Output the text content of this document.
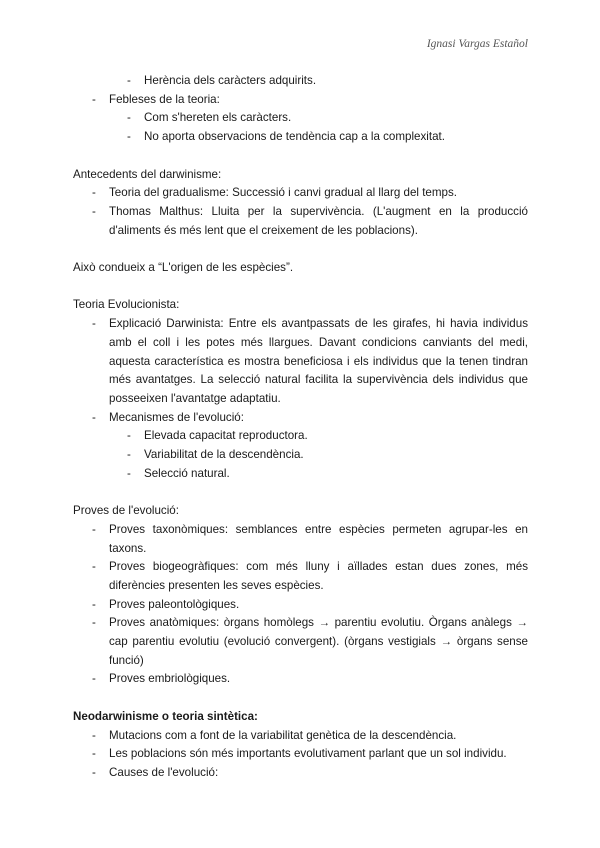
Ignasi Vargas Estañol
- Herència dels caràcters adquirits.
- Febleses de la teoria:
- Com s'hereten els caràcters.
- No aporta observacions de tendència cap a la complexitat.

Antecedents del darwinisme:

- Teoria del gradualisme: Successió i canvi gradual al llarg del temps.
- Thomas Malthus: Lluita per la supervivència. (L'augment en la producció d'aliments és més lent que el creixement de les poblacions).

Això condueix a “L'origen de les espècies”.

Teoria Evolucionista:

- Explicació Darwinista: Entre els avantpassats de les girafes, hi havia individus amb el coll i les potes més llargues. Davant condicions canviants del medi, aquesta característica es mostra beneficiosa i els individus que la tenen tindran més avantatges. La selecció natural facilita la supervivència dels individus que posseeixen l'avantatge adaptatiu.
- Mecanismes de l'evolució:
- Elevada capacitat reproductora.
- Variabilitat de la descendència.
- Selecció natural.

Proves de l'evolució:

- Proves taxonòmiques: semblances entre espècies permeten agrupar-les en taxons.
- Proves biogeogràfiques: com més lluny i aïllades estan dues zones, més diferències presenten les seves espècies.
- Proves paleontològiques.
- Proves anatòmiques: òrgans homòlegs → parentiu evolutiu. Òrgans anàlegs → cap parentiu evolutiu (evolució convergent). (òrgans vestigials → òrgans sense funció)
- Proves embriològiques.

Neodarwinisme o teoria sintètica:

- Mutacions com a font de la variabilitat genètica de la descendència.
- Les poblacions són més importants evolutivament parlant que un sol individu.
- Causes de l'evolució:
